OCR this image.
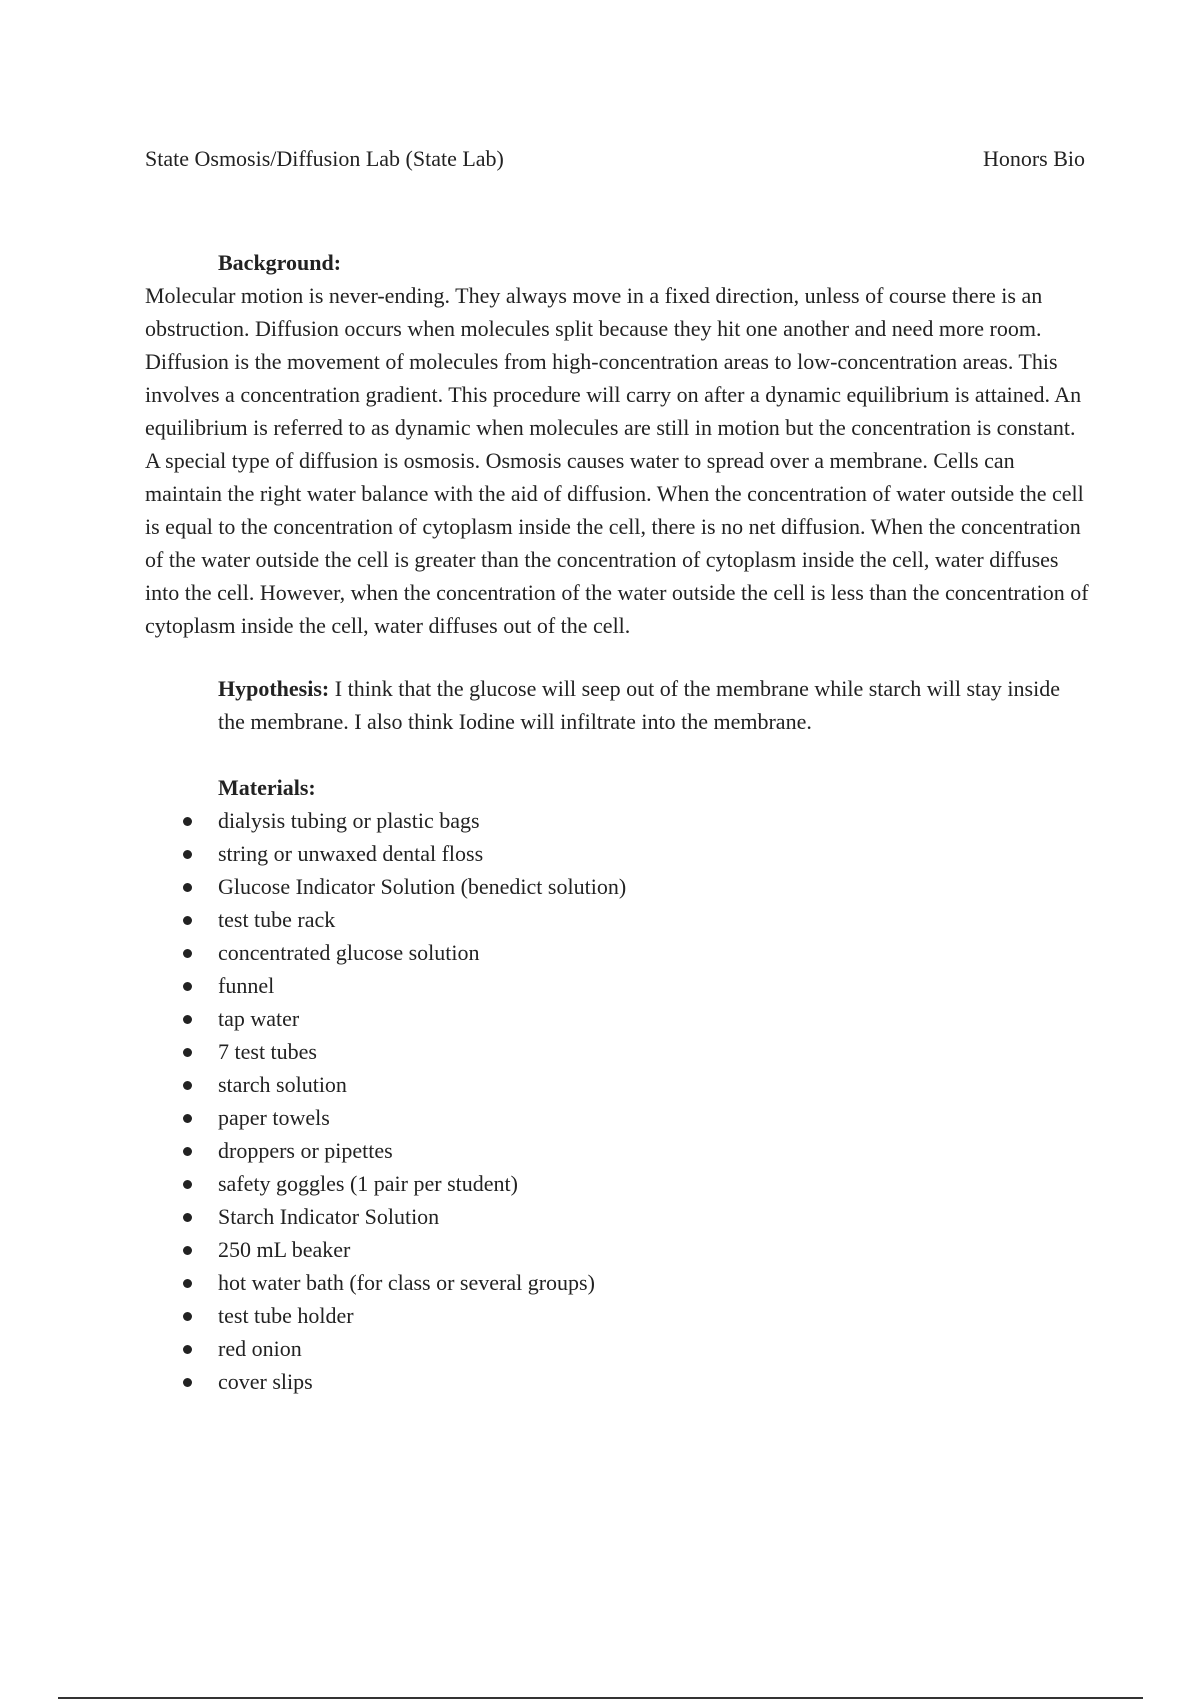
State Osmosis/Diffusion Lab (State Lab)	Honors Bio
Background:

Molecular motion is never-ending. They always move in a fixed direction, unless of course there is an obstruction. Diffusion occurs when molecules split because they hit one another and need more room. Diffusion is the movement of molecules from high-concentration areas to low-concentration areas. This involves a concentration gradient. This procedure will carry on after a dynamic equilibrium is attained. An equilibrium is referred to as dynamic when molecules are still in motion but the concentration is constant. A special type of diffusion is osmosis. Osmosis causes water to spread over a membrane. Cells can maintain the right water balance with the aid of diffusion. When the concentration of water outside the cell is equal to the concentration of cytoplasm inside the cell, there is no net diffusion. When the concentration of the water outside the cell is greater than the concentration of cytoplasm inside the cell, water diffuses into the cell. However, when the concentration of the water outside the cell is less than the concentration of cytoplasm inside the cell, water diffuses out of the cell.

Hypothesis: I think that the glucose will seep out of the membrane while starch will stay inside the membrane. I also think Iodine will infiltrate into the membrane.

Materials:
dialysis tubing or plastic bags
string or unwaxed dental floss
Glucose Indicator Solution (benedict solution)
test tube rack
concentrated glucose solution
funnel
tap water
7 test tubes
starch solution
paper towels
droppers or pipettes
safety goggles (1 pair per student)
Starch Indicator Solution
250 mL beaker
hot water bath (for class or several groups)
test tube holder
red onion
cover slips
